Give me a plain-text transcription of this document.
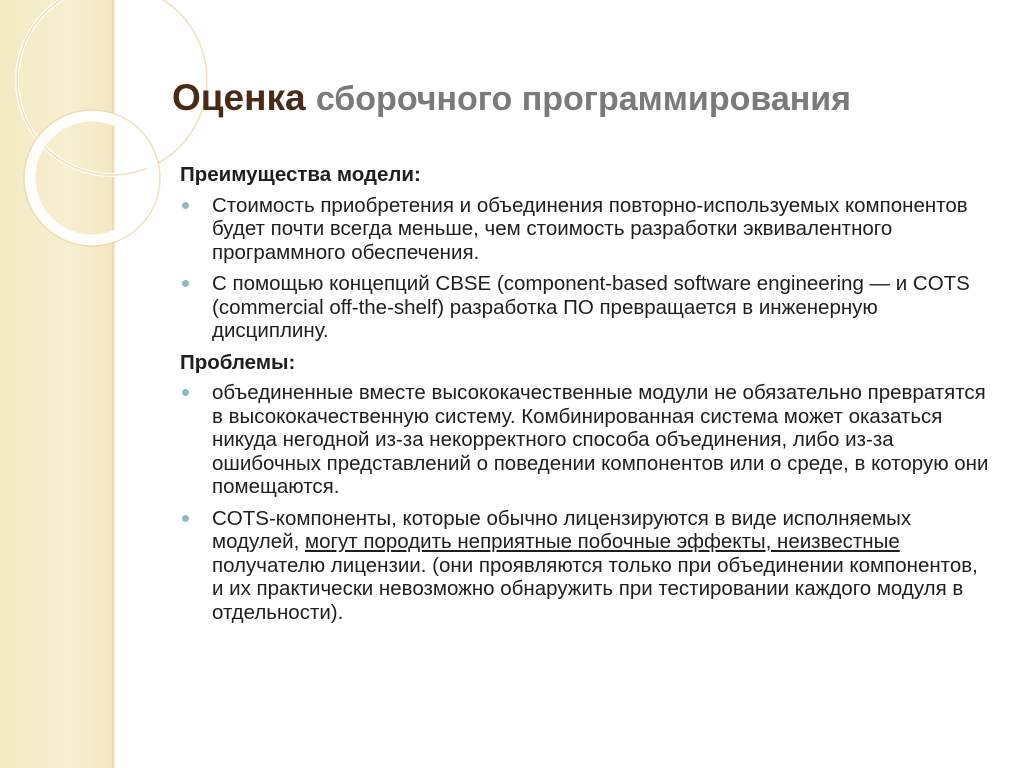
Оценка сборочного программирования
Преимущества модели:
Стоимость приобретения и объединения повторно-используемых компонентов будет почти всегда меньше, чем стоимость разработки эквивалентного программного обеспечения.
С помощью концепций CBSE (component-based software engineering — и COTS (commercial off-the-shelf) разработка ПО превращается в инженерную дисциплину.
Проблемы:
объединенные вместе высококачественные модули не обязательно превратятся в высококачественную систему. Комбинированная система может оказаться никуда негодной из-за некорректного способа объединения, либо из-за ошибочных представлений о поведении компонентов или о среде, в которую они помещаются.
COTS-компоненты, которые обычно лицензируются в виде исполняемых модулей, могут породить неприятные побочные эффекты, неизвестные получателю лицензии. (они проявляются только при объединении компонентов, и их практически невозможно обнаружить при тестировании каждого модуля в отдельности).
